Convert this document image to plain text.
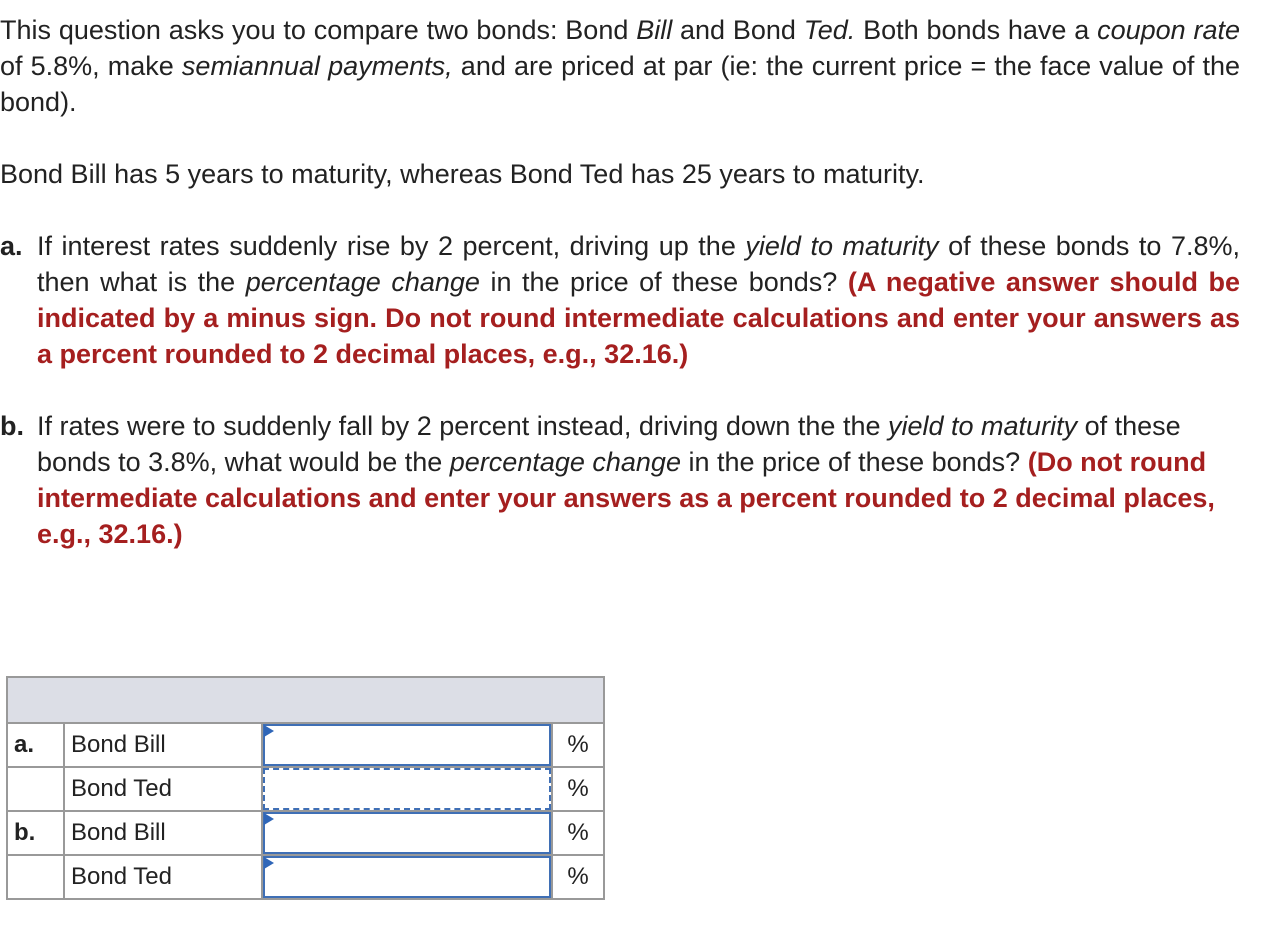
This question asks you to compare two bonds: Bond Bill and Bond Ted. Both bonds have a coupon rate of 5.8%, make semiannual payments, and are priced at par (ie: the current price = the face value of the bond).

Bond Bill has 5 years to maturity, whereas Bond Ted has 25 years to maturity.

a. If interest rates suddenly rise by 2 percent, driving up the yield to maturity of these bonds to 7.8%, then what is the percentage change in the price of these bonds? (A negative answer should be indicated by a minus sign. Do not round intermediate calculations and enter your answers as a percent rounded to 2 decimal places, e.g., 32.16.)
b. If rates were to suddenly fall by 2 percent instead, driving down the the yield to maturity of these bonds to 3.8%, what would be the percentage change in the price of these bonds? (Do not round intermediate calculations and enter your answers as a percent rounded to 2 decimal places, e.g., 32.16.)

a.	Bond Bill		%
	Bond Ted		%
b.	Bond Bill		%
	Bond Ted		%
